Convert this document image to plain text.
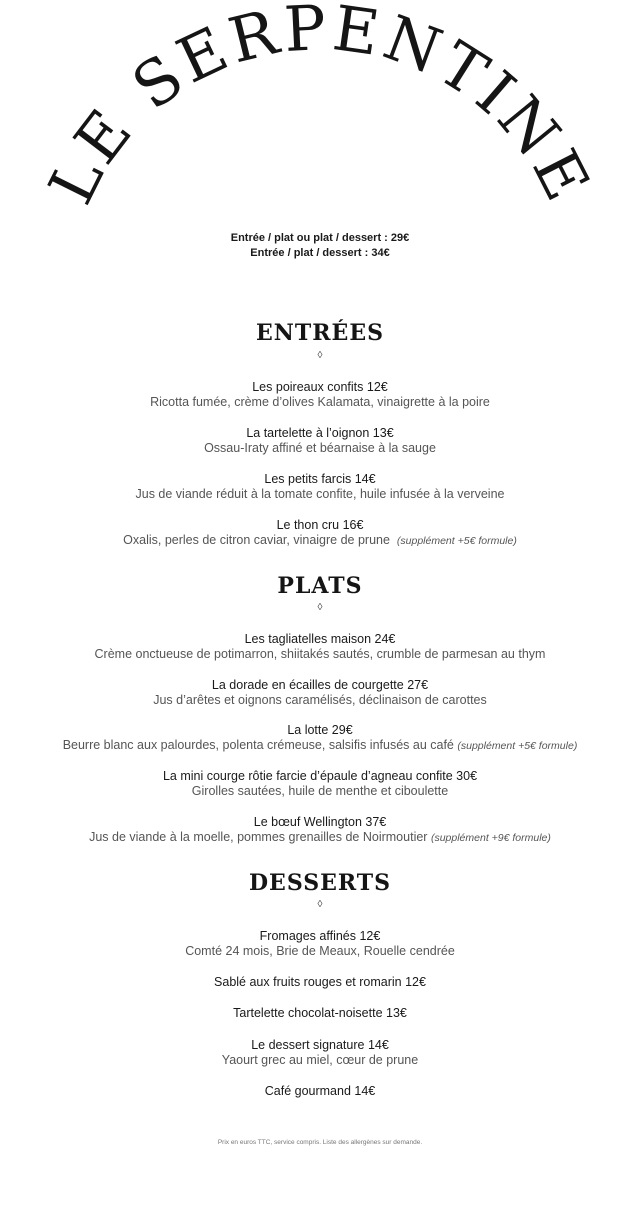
LE SERPENTINE
Entrée / plat ou plat / dessert : 29€
Entrée / plat / dessert : 34€
ENTRÉES
◊
Les poireaux confits 12€
Ricotta fumée, crème d’olives Kalamata, vinaigrette à la poire
La tartelette à l’oignon 13€
Ossau-Iraty affiné et béarnaise à la sauge
Les petits farcis 14€
Jus de viande réduit à la tomate confite, huile infusée à la verveine
Le thon cru 16€
Oxalis, perles de citron caviar, vinaigre de prune (supplément +5€ formule)
PLATS
◊
Les tagliatelles maison 24€
Crème onctueuse de potimarron, shiitakés sautés, crumble de parmesan au thym
La dorade en écailles de courgette 27€
Jus d’arêtes et oignons caramélisés, déclinaison de carottes
La lotte 29€
Beurre blanc aux palourdes, polenta crémeuse, salsifis infusés au café (supplément +5€ formule)
La mini courge rôtie farcie d’épaule d’agneau confite 30€
Girolles sautées, huile de menthe et ciboulette
Le bœuf Wellington 37€
Jus de viande à la moelle, pommes grenailles de Noirmoutier (supplément +9€ formule)
DESSERTS
◊
Fromages affinés 12€
Comté 24 mois, Brie de Meaux, Rouelle cendrée
Sablé aux fruits rouges et romarin 12€
Tartelette chocolat-noisette 13€
Le dessert signature 14€
Yaourt grec au miel, cœur de prune
Café gourmand 14€
Prix en euros TTC, service compris. Liste des allergènes sur demande.
